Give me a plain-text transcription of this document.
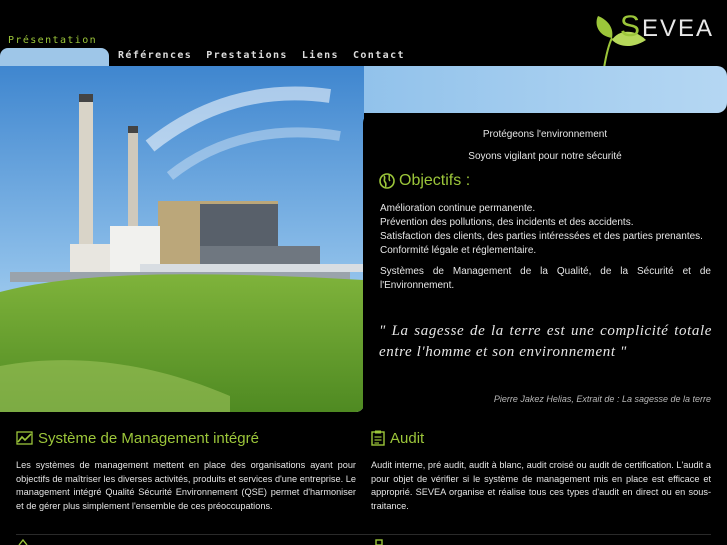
Présentation
Références Prestations Liens Contact
SEVEA
Protégeons l'environnement
Soyons vigilant pour notre sécurité
Objectifs :
Amélioration continue permanente.
Prévention des pollutions, des incidents et des accidents.
Satisfaction des clients, des parties intéressées et des parties prenantes.
Conformité légale et réglementaire.
Systèmes de Management de la Qualité, de la Sécurité et de l'Environnement.
" La sagesse de la terre est une complicité totale entre l'homme et son environnement "
Pierre Jakez Helias, Extrait de : La sagesse de la terre
Système de Management intégré
Les systèmes de management mettent en place des organisations ayant pour objectifs de maîtriser les diverses activités, produits et services d'une entreprise. Le management intégré Qualité Sécurité Environnement (QSE) permet d'harmoniser et de gérer plus simplement l'ensemble de ces préoccupations.
Audit
Audit interne, pré audit, audit à blanc, audit croisé ou audit de certification. L'audit a pour objet de vérifier si le système de management mis en place est efficace et approprié. SEVEA organise et réalise tous ces types d'audit en direct ou en sous-traitance.
